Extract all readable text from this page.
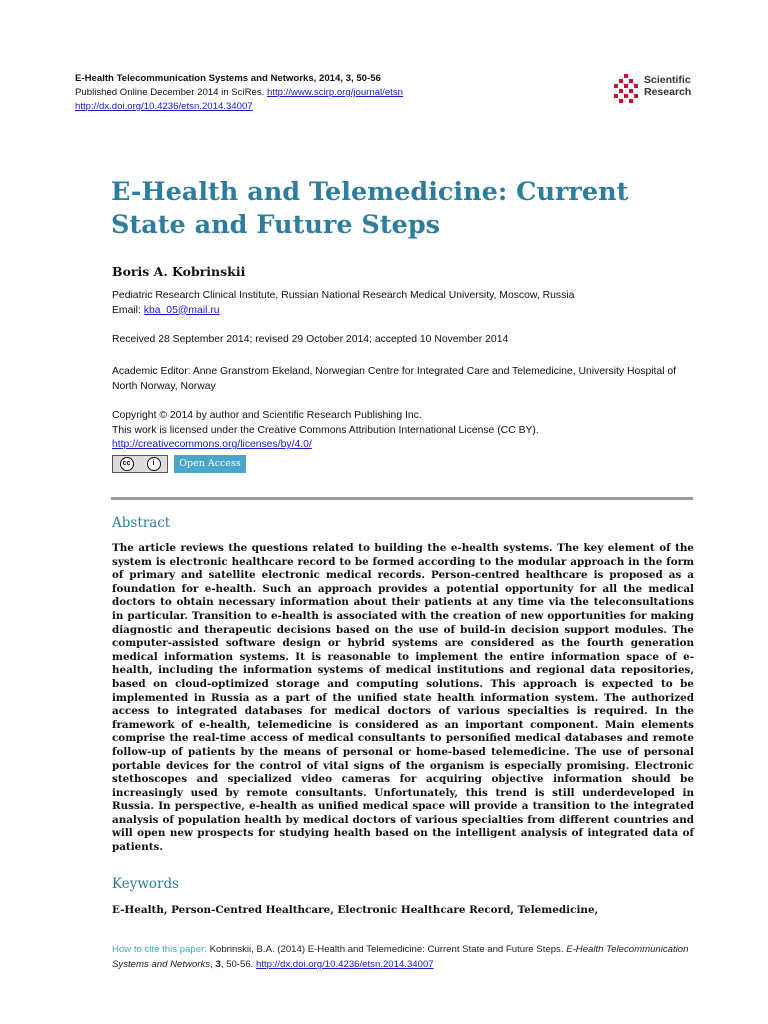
E-Health Telecommunication Systems and Networks, 2014, 3, 50-56
Published Online December 2014 in SciRes. http://www.scirp.org/journal/etsn
http://dx.doi.org/10.4236/etsn.2014.34007
Scientific
Research
E-Health and Telemedicine: Current State and Future Steps
Boris A. Kobrinskii
Pediatric Research Clinical Institute, Russian National Research Medical University, Moscow, Russia
Email: kba_05@mail.ru
Received 28 September 2014; revised 29 October 2014; accepted 10 November 2014
Academic Editor: Anne Granstrom Ekeland, Norwegian Centre for Integrated Care and Telemedicine, University Hospital of North Norway, Norway
Copyright © 2014 by author and Scientific Research Publishing Inc.
This work is licensed under the Creative Commons Attribution International License (CC BY).
http://creativecommons.org/licenses/by/4.0/
cc	i	Open Access
Abstract
The article reviews the questions related to building the e-health systems. The key element of the system is electronic healthcare record to be formed according to the modular approach in the form of primary and satellite electronic medical records. Person-centred healthcare is proposed as a foundation for e-health. Such an approach provides a potential opportunity for all the medical doctors to obtain necessary information about their patients at any time via the teleconsultations in particular. Transition to e-health is associated with the creation of new opportunities for making diagnostic and therapeutic decisions based on the use of build-in decision support modules. The computer-assisted software design or hybrid systems are considered as the fourth generation medical information systems. It is reasonable to implement the entire information space of e-health, including the information systems of medical institutions and regional data repositories, based on cloud-optimized storage and computing solutions. This approach is expected to be implemented in Russia as a part of the unified state health information system. The authorized access to integrated databases for medical doctors of various specialties is required. In the framework of e-health, telemedicine is considered as an important component. Main elements comprise the real-time access of medical consultants to personified medical databases and remote follow-up of patients by the means of personal or home-based telemedicine. The use of personal portable devices for the control of vital signs of the organism is especially promising. Electronic stethoscopes and specialized video cameras for acquiring objective information should be increasingly used by remote consultants. Unfortunately, this trend is still underdeveloped in Russia. In perspective, e-health as unified medical space will provide a transition to the integrated analysis of population health by medical doctors of various specialties from different countries and will open new prospects for studying health based on the intelligent analysis of integrated data of patients.
Keywords
E-Health, Person-Centred Healthcare, Electronic Healthcare Record, Telemedicine,
How to cite this paper: Kobrinskii, B.A. (2014) E-Health and Telemedicine: Current State and Future Steps. E-Health Telecommunication Systems and Networks, 3, 50-56. http://dx.doi.org/10.4236/etsn.2014.34007
